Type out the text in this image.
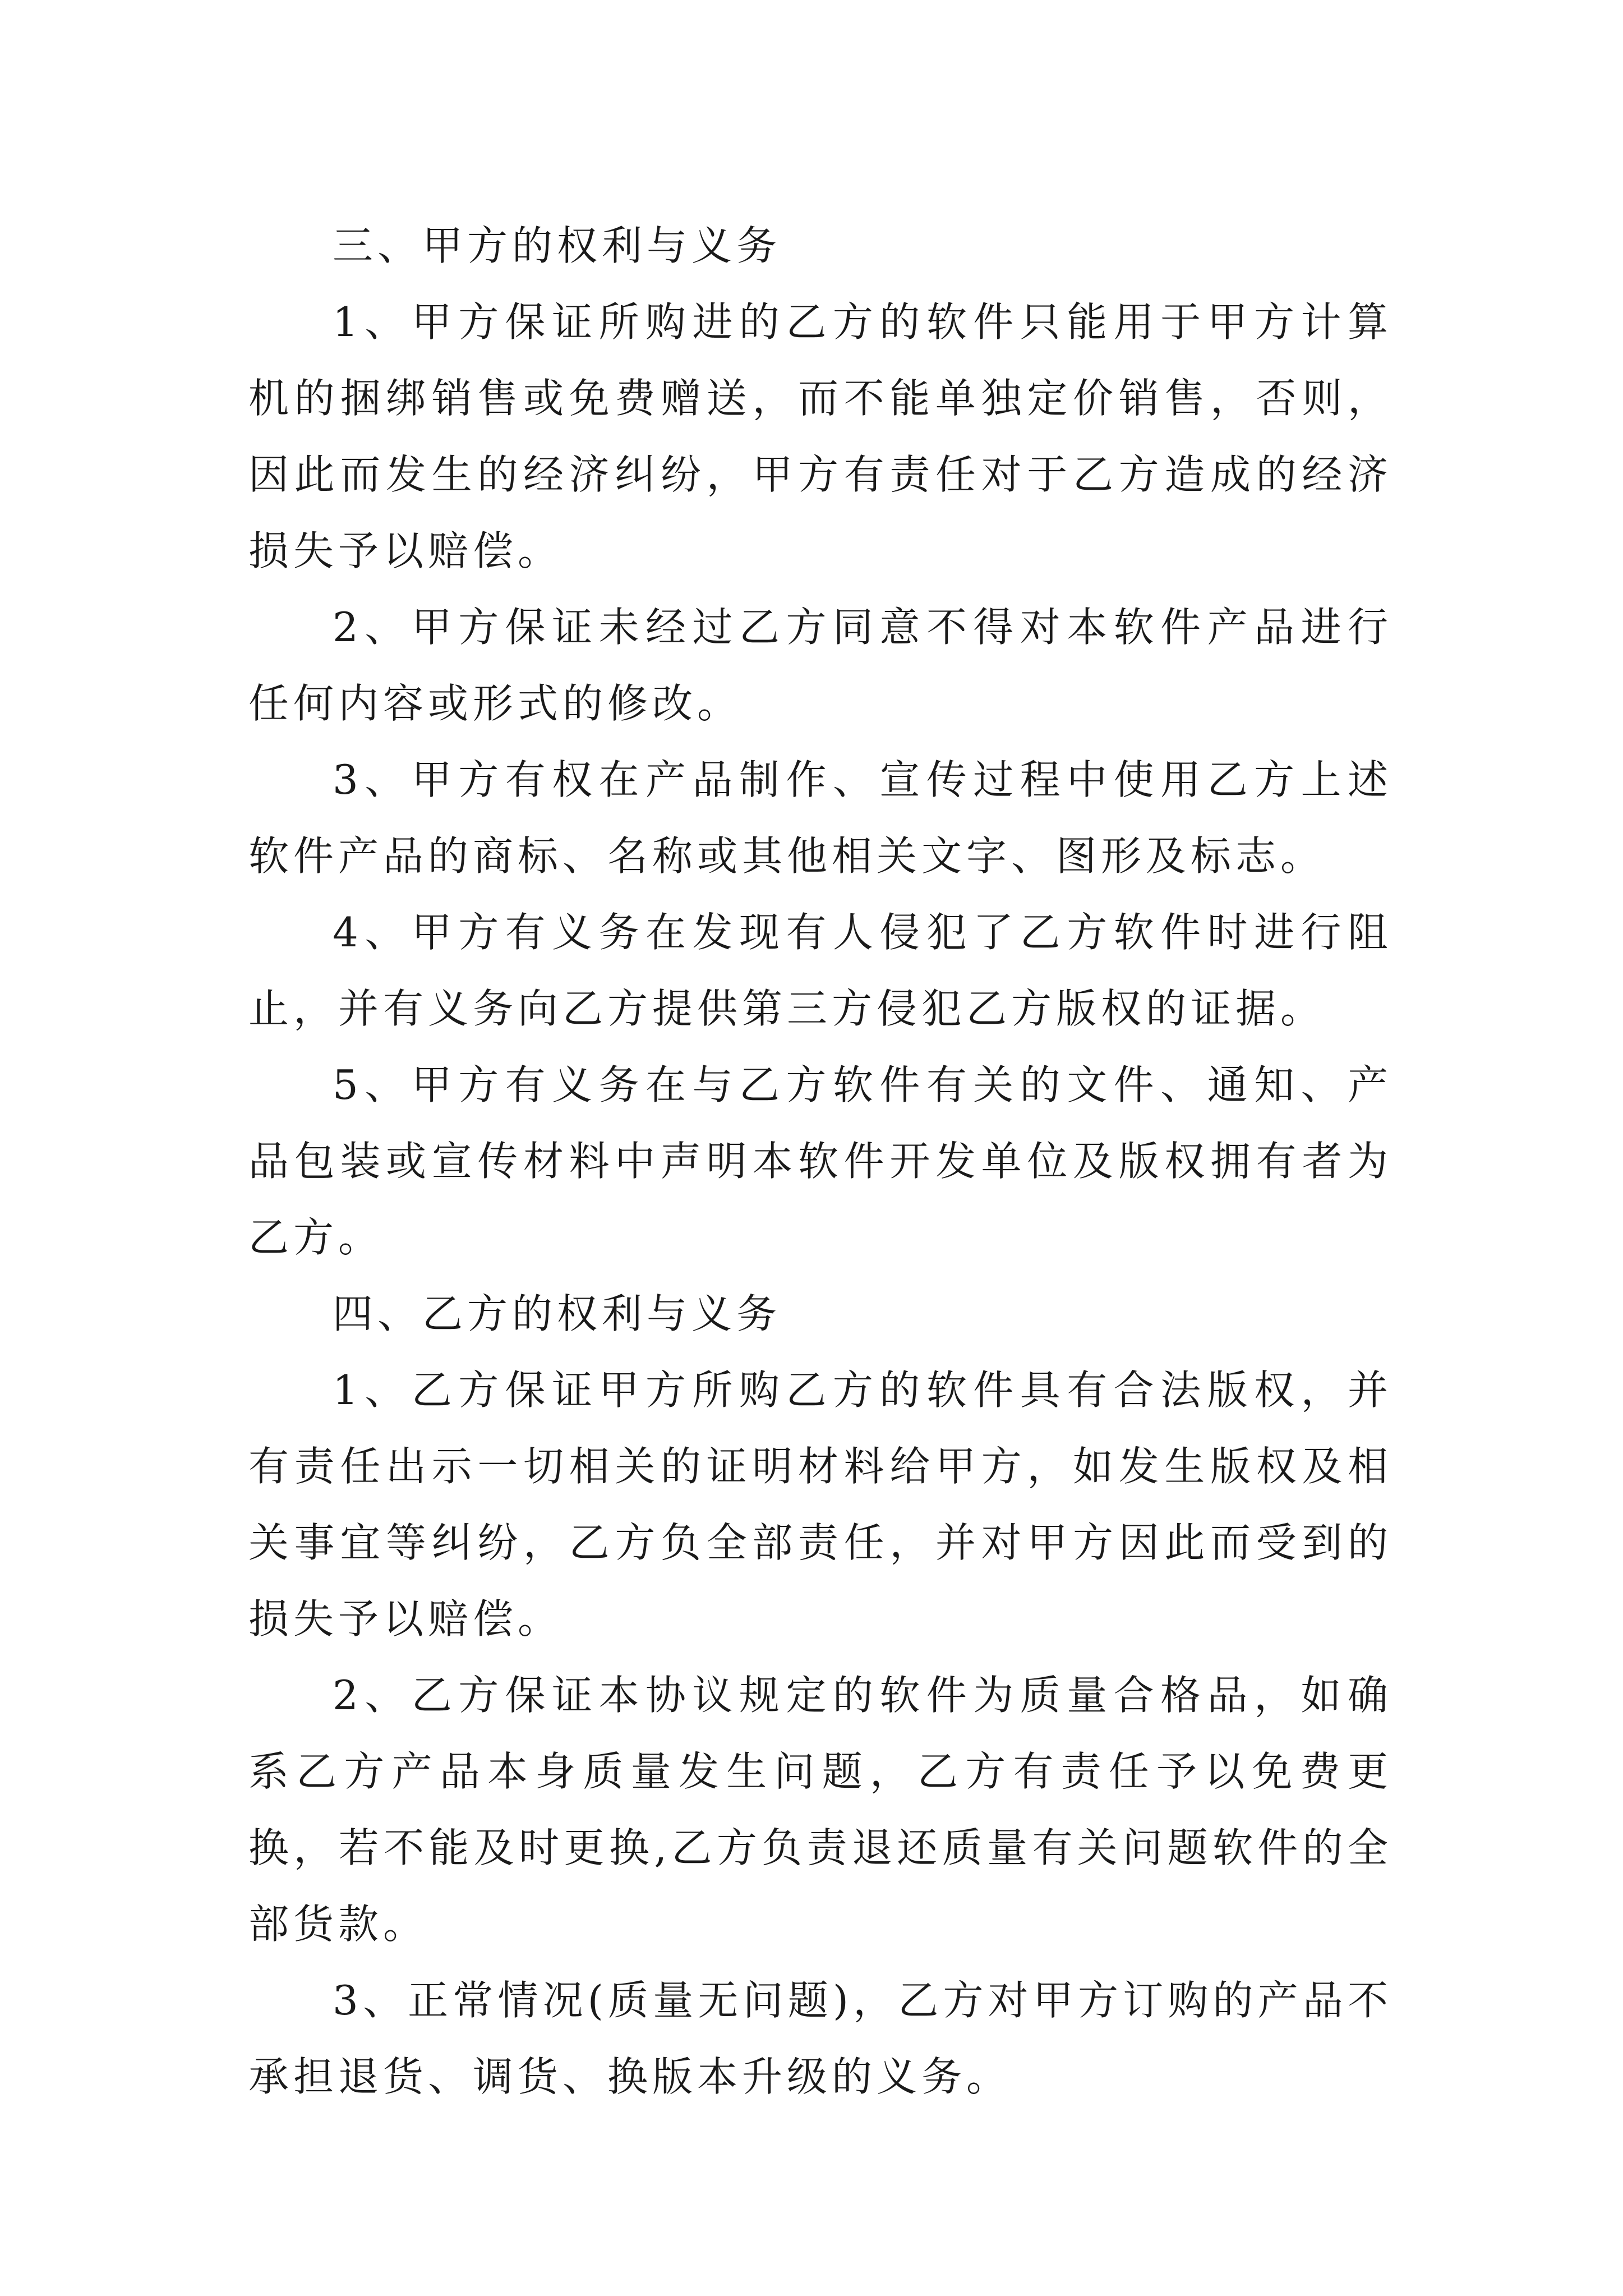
三、甲方的权利与义务

1、甲方保证所购进的乙方的软件只能用于甲方计算机的捆绑销售或免费赠送，而不能单独定价销售，否则，因此而发生的经济纠纷，甲方有责任对于乙方造成的经济损失予以赔偿。

2、甲方保证未经过乙方同意不得对本软件产品进行任何内容或形式的修改。

3、甲方有权在产品制作、宣传过程中使用乙方上述软件产品的商标、名称或其他相关文字、图形及标志。

4、甲方有义务在发现有人侵犯了乙方软件时进行阻止，并有义务向乙方提供第三方侵犯乙方版权的证据。

5、甲方有义务在与乙方软件有关的文件、通知、产品包装或宣传材料中声明本软件开发单位及版权拥有者为乙方。

四、乙方的权利与义务

1、乙方保证甲方所购乙方的软件具有合法版权，并有责任出示一切相关的证明材料给甲方，如发生版权及相关事宜等纠纷，乙方负全部责任，并对甲方因此而受到的损失予以赔偿。

2、乙方保证本协议规定的软件为质量合格品，如确系乙方产品本身质量发生问题，乙方有责任予以免费更换，若不能及时更换,乙方负责退还质量有关问题软件的全部货款。

3、正常情况(质量无问题)，乙方对甲方订购的产品不承担退货、调货、换版本升级的义务。
